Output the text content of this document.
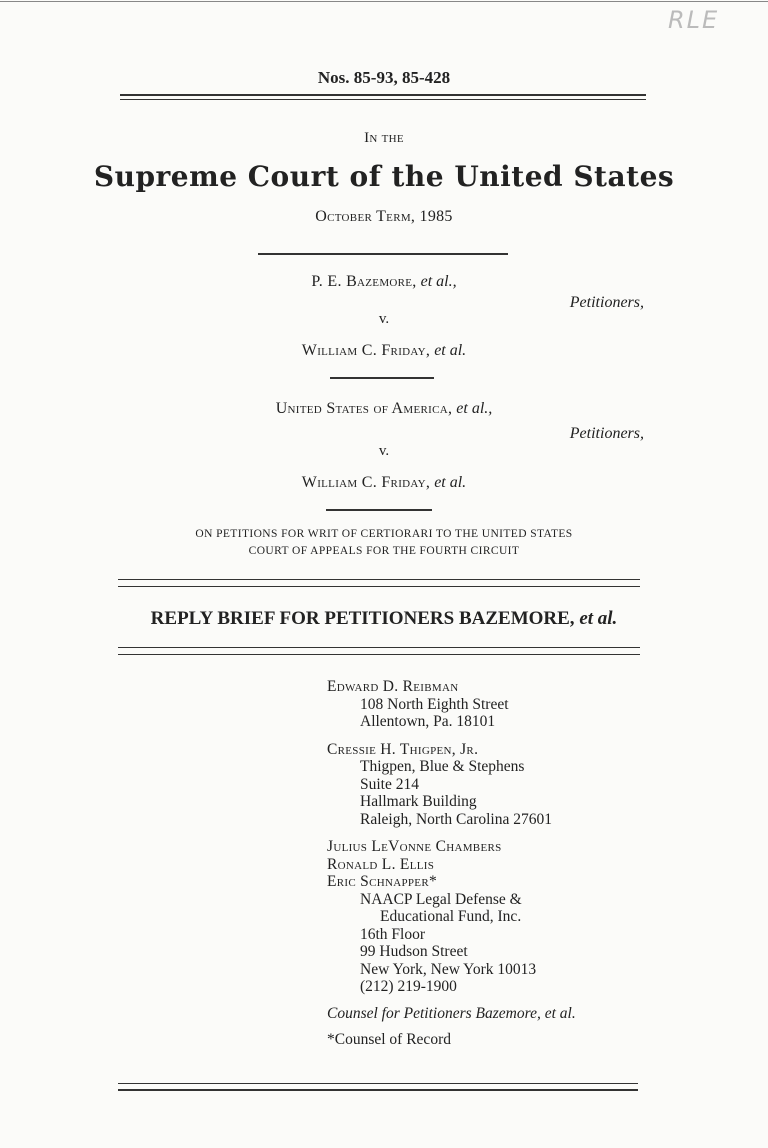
RLE
Nos. 85-93, 85-428
In the
Supreme Court of the United States
October Term, 1985
P. E. Bazemore, et al.,
Petitioners,
v.
William C. Friday, et al.
United States of America, et al.,
Petitioners,
v.
William C. Friday, et al.
ON PETITIONS FOR WRIT OF CERTIORARI TO THE UNITED STATES
COURT OF APPEALS FOR THE FOURTH CIRCUIT
REPLY BRIEF FOR PETITIONERS BAZEMORE, et al.
Edward D. Reibman
108 North Eighth Street
Allentown, Pa. 18101
Cressie H. Thigpen, Jr.
Thigpen, Blue & Stephens
Suite 214
Hallmark Building
Raleigh, North Carolina 27601
Julius LeVonne Chambers
Ronald L. Ellis
Eric Schnapper*
NAACP Legal Defense &
Educational Fund, Inc.
16th Floor
99 Hudson Street
New York, New York 10013
(212) 219-1900
Counsel for Petitioners Bazemore, et al.
*Counsel of Record
